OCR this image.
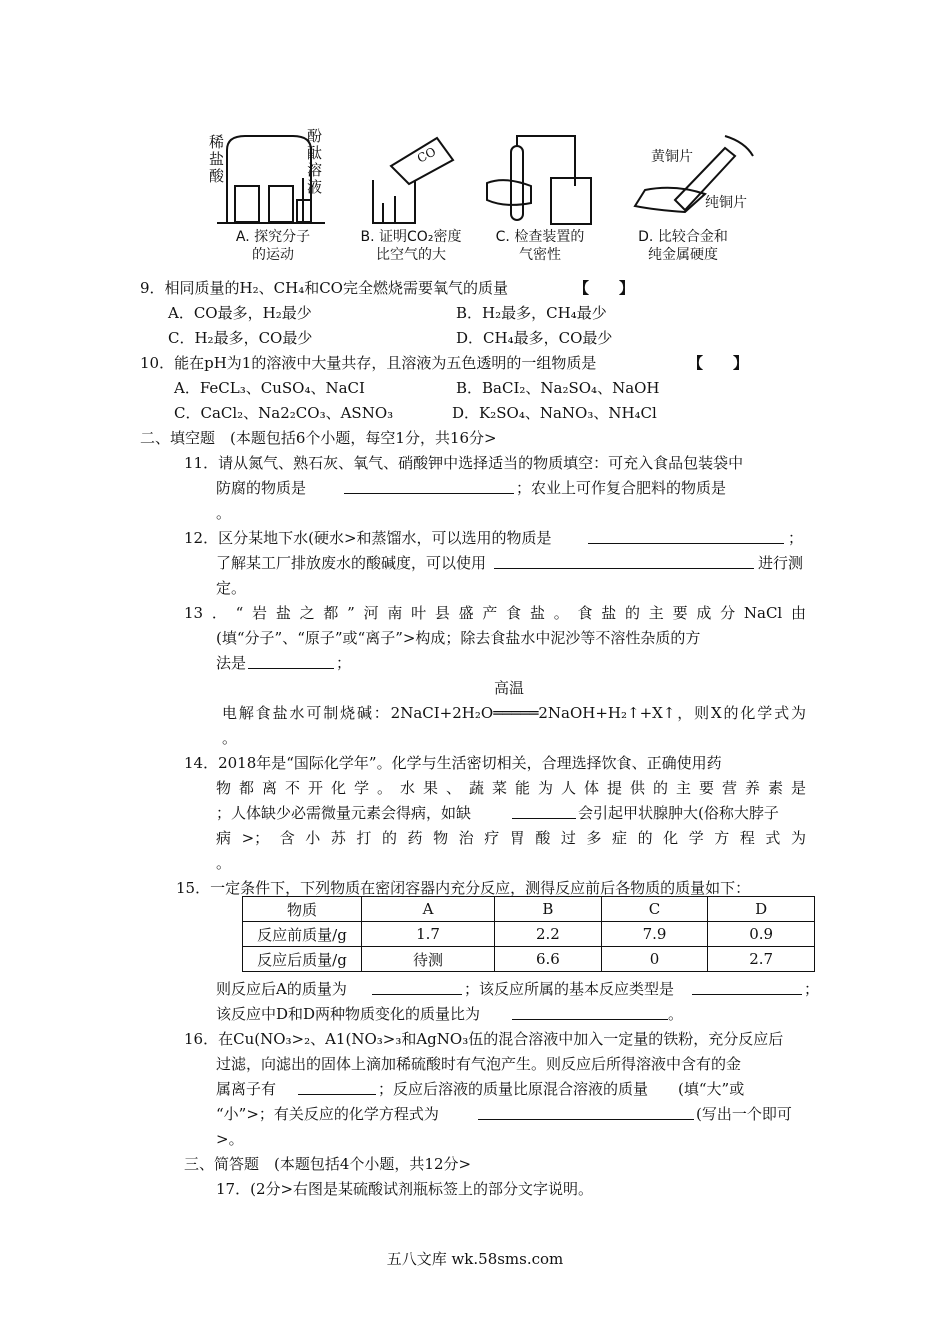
稀
盐
酸
酚
酞
溶
液
CO	黄铜片
纯铜片
A. 探究分子
的运动
B. 证明CO₂密度
比空气的大
C. 检查装置的
气密性
D. 比较合金和
纯金属硬度
9．相同质量的H₂、CH₄和CO完全燃烧需要氧气的质量	【　　】
A．CO最多，H₂最少	B．H₂最多，CH₄最少
C．H₂最多，CO最少	D．CH₄最多，CO最少
10．能在pH为1的溶液中大量共存，且溶液为五色透明的一组物质是	【　　】
A．FeCL₃、CuSO₄、NaCI	B．BaCI₂、Na₂SO₄、NaOH
C．CaCl₂、Na2₂CO₃、ASNO₃	D．K₂SO₄、NaNO₃、NH₄Cl
二、填空题　(本题包括6个小题，每空1分，共16分>
11．请从氮气、熟石灰、氧气、硝酸钾中选择适当的物质填空：可充入食品包装袋中
防腐的物质是	；农业上可作复合肥料的物质是
。
12．区分某地下水(硬水>和蒸馏水，可以选用的物质是	；
了解某工厂排放废水的酸碱度，可以使用	进行测
定。
13．“岩盐之都”河南叶县盛产食盐。食盐的主要成分NaCl由
(填“分子”、“原子”或“离子”>构成；除去食盐水中泥沙等不溶性杂质的方
法是	；
高温
电解食盐水可制烧碱：2NaCI+2H₂O═════2NaOH+H₂↑+X↑，则X的化学式为
。
14．2018年是“国际化学年”。化学与生活密切相关，合理选择饮食、正确使用药
物都离不开化学。水果、蔬菜能为人体提供的主要营养素是
；人体缺少必需微量元素会得病，如缺	会引起甲状腺肿大(俗称大脖子
病>；含小苏打的药物治疗胃酸过多症的化学方程式为
。
15．一定条件下，下列物质在密闭容器内充分反应，测得反应前后各物质的质量如下：
物质	A	B	C	D
反应前质量/g	1.7	2.2	7.9	0.9
反应后质量/g	待测	6.6	0	2.7
则反应后A的质量为	；该反应所属的基本反应类型是	；
该反应中D和D两种物质变化的质量比为	。
16．在Cu(NO₃>₂、A1(NO₃>₃和AgNO₃伍的混合溶液中加入一定量的铁粉，充分反应后
过滤，向滤出的固体上滴加稀硫酸时有气泡产生。则反应后所得溶液中含有的金
属离子有	；反应后溶液的质量比原混合溶液的质量　　(填“大”或
“小”>；有关反应的化学方程式为	(写出一个即可
>。
三、简答题　(本题包括4个小题，共12分>
17．(2分>右图是某硫酸试剂瓶标签上的部分文字说明。
五八文库 wk.58sms.com
